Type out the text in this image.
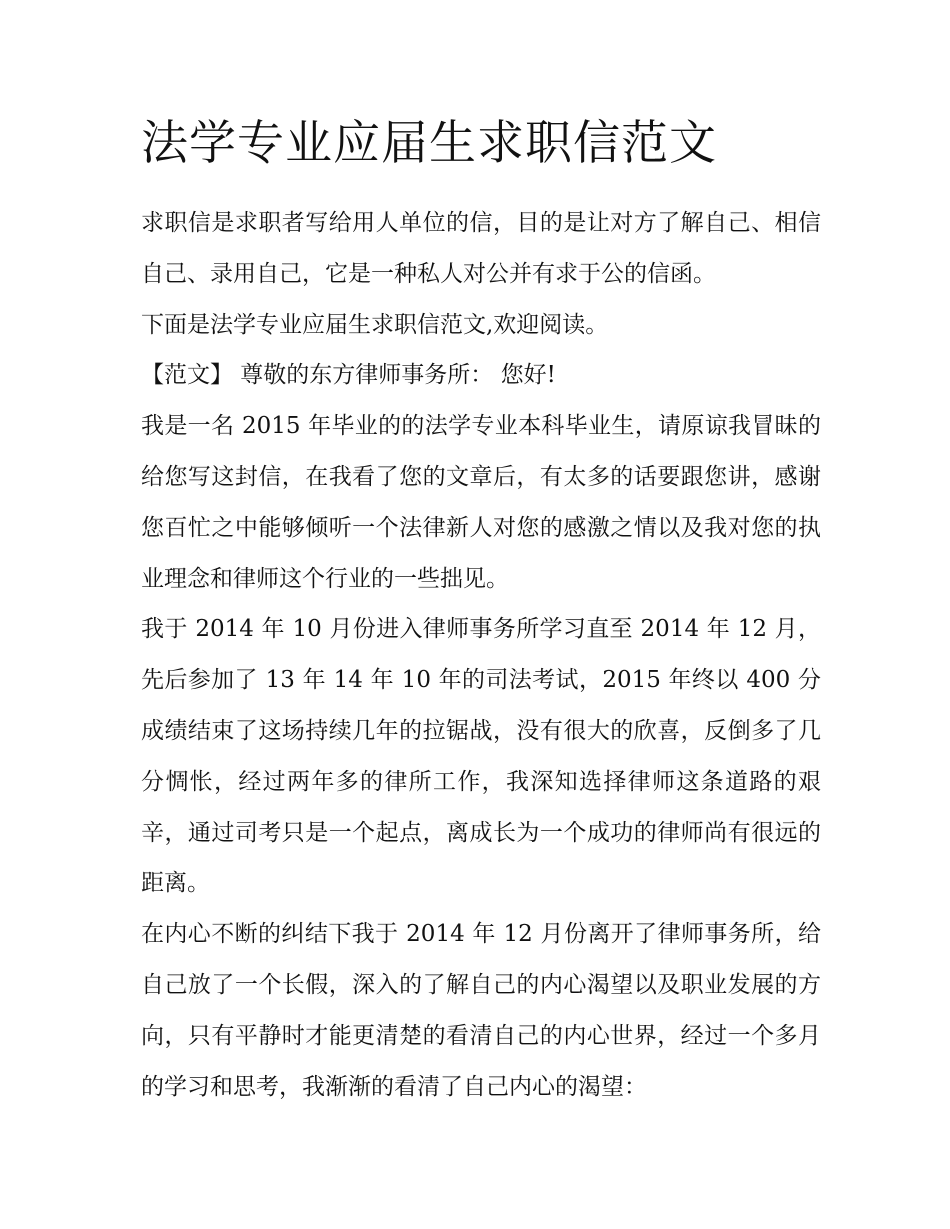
法学专业应届生求职信范文

求职信是求职者写给用人单位的信，目的是让对方了解自己、相信自己、录用自己，它是一种私人对公并有求于公的信函。

下面是法学专业应届生求职信范文,欢迎阅读。

【范文】 尊敬的东方律师事务所： 您好!

我是一名 2015 年毕业的的法学专业本科毕业生，请原谅我冒昧的给您写这封信，在我看了您的文章后，有太多的话要跟您讲，感谢您百忙之中能够倾听一个法律新人对您的感激之情以及我对您的执业理念和律师这个行业的一些拙见。

我于 2014 年 10 月份进入律师事务所学习直至 2014 年 12 月，先后参加了 13 年 14 年 10 年的司法考试，2015 年终以 400 分成绩结束了这场持续几年的拉锯战，没有很大的欣喜，反倒多了几分惆怅，经过两年多的律所工作，我深知选择律师这条道路的艰辛，通过司考只是一个起点，离成长为一个成功的律师尚有很远的距离。

在内心不断的纠结下我于 2014 年 12 月份离开了律师事务所，给自己放了一个长假，深入的了解自己的内心渴望以及职业发展的方向，只有平静时才能更清楚的看清自己的内心世界，经过一个多月的学习和思考，我渐渐的看清了自己内心的渴望：
